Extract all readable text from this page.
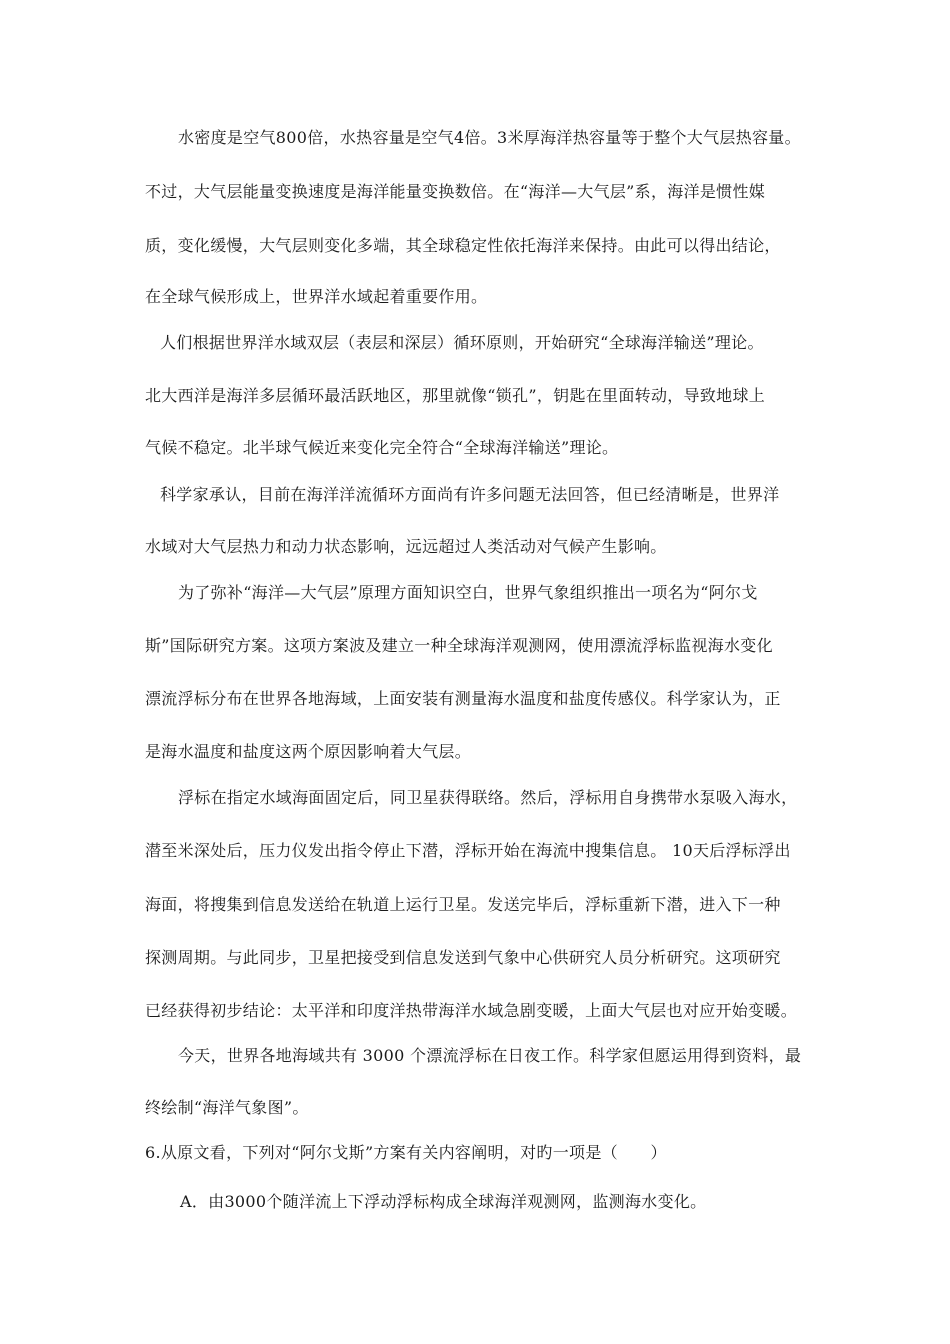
水密度是空气800倍，水热容量是空气4倍。3米厚海洋热容量等于整个大气层热容量。
不过，大气层能量变换速度是海洋能量变换数倍。在“海洋—大气层”系，海洋是惯性媒
质，变化缓慢，大气层则变化多端，其全球稳定性依托海洋来保持。由此可以得出结论，
在全球气候形成上，世界洋水域起着重要作用。
人们根据世界洋水域双层（表层和深层）循环原则，开始研究“全球海洋输送”理论。
北大西洋是海洋多层循环最活跃地区，那里就像“锁孔”，钥匙在里面转动，导致地球上
气候不稳定。北半球气候近来变化完全符合“全球海洋输送”理论。
科学家承认，目前在海洋洋流循环方面尚有许多问题无法回答，但已经清晰是，世界洋
水域对大气层热力和动力状态影响，远远超过人类活动对气候产生影响。
为了弥补“海洋—大气层”原理方面知识空白，世界气象组织推出一项名为“阿尔戈
斯”国际研究方案。这项方案波及建立一种全球海洋观测网，使用漂流浮标监视海水变化
漂流浮标分布在世界各地海域，上面安装有测量海水温度和盐度传感仪。科学家认为，正
是海水温度和盐度这两个原因影响着大气层。
浮标在指定水域海面固定后，同卫星获得联络。然后，浮标用自身携带水泵吸入海水，
潜至米深处后，压力仪发出指令停止下潜，浮标开始在海流中搜集信息。 10天后浮标浮出
海面，将搜集到信息发送给在轨道上运行卫星。发送完毕后，浮标重新下潜，进入下一种
探测周期。与此同步，卫星把接受到信息发送到气象中心供研究人员分析研究。这项研究
已经获得初步结论：太平洋和印度洋热带海洋水域急剧变暖，上面大气层也对应开始变暖。
今天，世界各地海域共有 3000 个漂流浮标在日夜工作。科学家但愿运用得到资料，最
终绘制“海洋气象图”。
6.从原文看，下列对“阿尔戈斯”方案有关内容阐明，对旳一项是（　　）
A．由3000个随洋流上下浮动浮标构成全球海洋观测网，监测海水变化。
